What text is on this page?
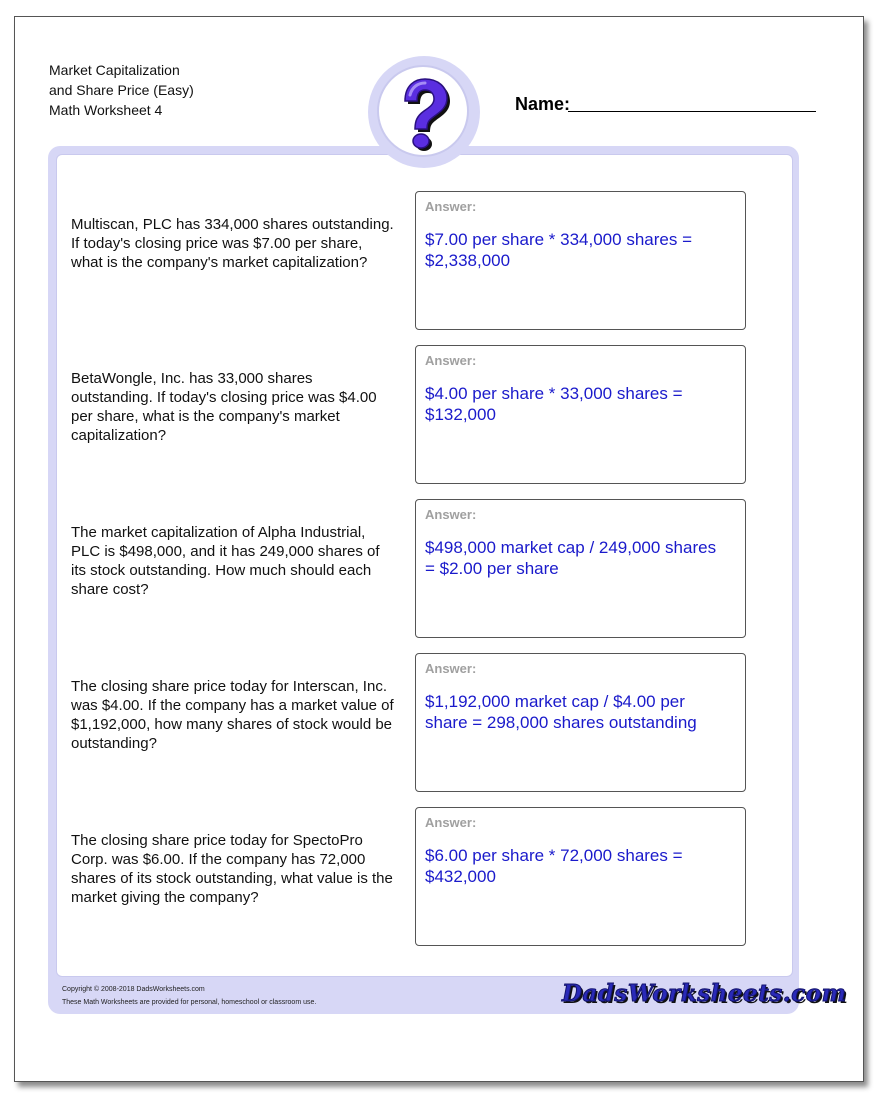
Market Capitalization
and Share Price (Easy)
Math Worksheet 4	Name:
Multiscan, PLC has 334,000 shares outstanding. If today's closing price was $7.00 per share, what is the company's market capitalization?
Answer:
$7.00 per share * 334,000 shares = $2,338,000
BetaWongle, Inc. has 33,000 shares outstanding. If today's closing price was $4.00 per share, what is the company's market capitalization?
Answer:
$4.00 per share * 33,000 shares = $132,000
The market capitalization of Alpha Industrial, PLC is $498,000, and it has 249,000 shares of its stock outstanding. How much should each share cost?
Answer:
$498,000 market cap / 249,000 shares = $2.00 per share
The closing share price today for Interscan, Inc. was $4.00. If the company has a market value of $1,192,000, how many shares of stock would be outstanding?
Answer:
$1,192,000 market cap / $4.00 per share = 298,000 shares outstanding
The closing share price today for SpectoPro Corp. was $6.00. If the company has 72,000 shares of its stock outstanding, what value is the market giving the company?
Answer:
$6.00 per share * 72,000 shares = $432,000
Copyright © 2008-2018 DadsWorksheets.com
These Math Worksheets are provided for personal, homeschool or classroom use.	DadsWorksheets.com
